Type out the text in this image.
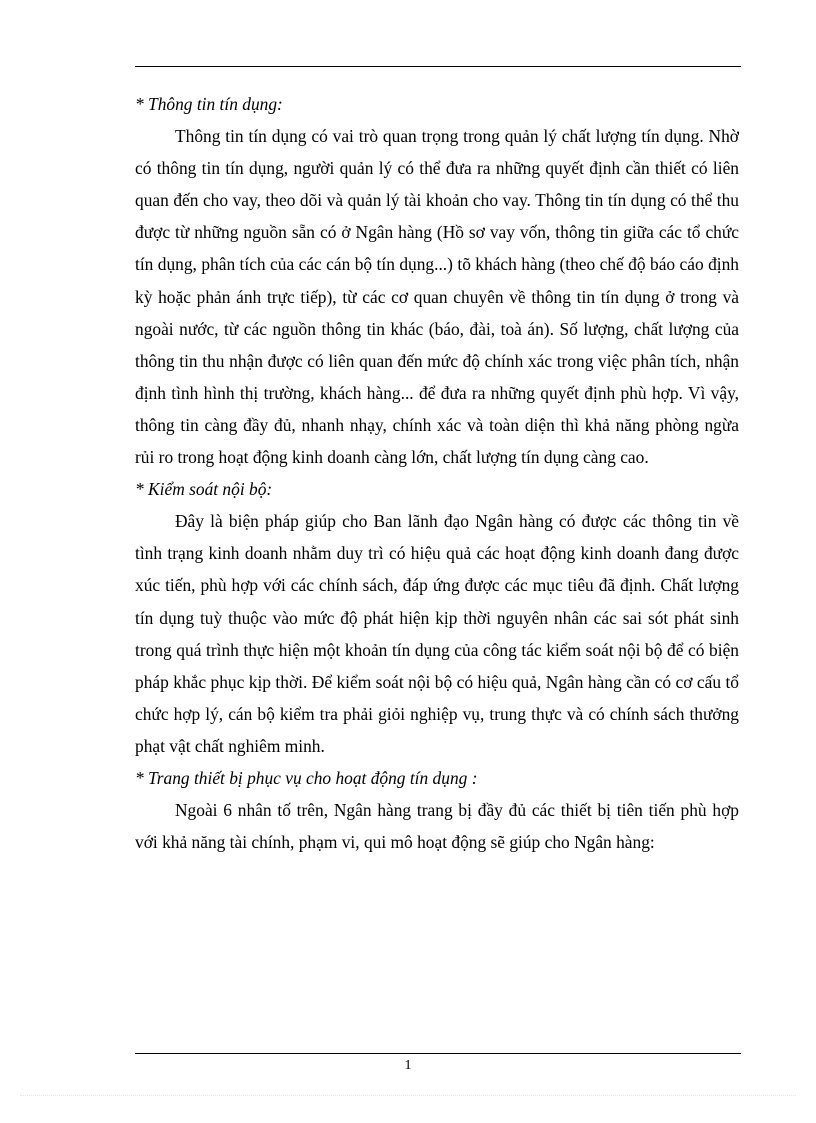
* Thông tin tín dụng:

Thông tin tín dụng có vai trò quan trọng trong quản lý chất lượng tín dụng. Nhờ có thông tin tín dụng, người quản lý có thể đưa ra những quyết định cần thiết có liên quan đến cho vay, theo dõi và quản lý tài khoản cho vay. Thông tin tín dụng có thể thu được từ những nguồn sẵn có ở Ngân hàng (Hồ sơ vay vốn, thông tin giữa các tổ chức tín dụng, phân tích của các cán bộ tín dụng...) tõ khách hàng (theo chế độ báo cáo định kỳ hoặc phản ánh trực tiếp), từ các cơ quan chuyên về thông tin tín dụng ở trong và ngoài nước, từ các nguồn thông tin khác (báo, đài, toà án). Số lượng, chất lượng của thông tin thu nhận được có liên quan đến mức độ chính xác trong việc phân tích, nhận định tình hình thị trường, khách hàng... để đưa ra những quyết định phù hợp. Vì vậy, thông tin càng đầy đủ, nhanh nhạy, chính xác và toàn diện thì khả năng phòng ngừa rủi ro trong hoạt động kinh doanh càng lớn, chất lượng tín dụng càng cao.

* Kiểm soát nội bộ:

Đây là biện pháp giúp cho Ban lãnh đạo Ngân hàng có được các thông tin về tình trạng kinh doanh nhằm duy trì có hiệu quả các hoạt động kinh doanh đang được xúc tiến, phù hợp với các chính sách, đáp ứng được các mục tiêu đã định. Chất lượng tín dụng tuỳ thuộc vào mức độ phát hiện kịp thời nguyên nhân các sai sót phát sinh trong quá trình thực hiện một khoản tín dụng của công tác kiểm soát nội bộ để có biện pháp khắc phục kịp thời. Để kiểm soát nội bộ có hiệu quả, Ngân hàng cần có cơ cấu tổ chức hợp lý, cán bộ kiểm tra phải giỏi nghiệp vụ, trung thực và có chính sách thưởng phạt vật chất nghiêm minh.

* Trang thiết bị phục vụ cho hoạt động tín dụng :

Ngoài 6 nhân tố trên, Ngân hàng trang bị đầy đủ các thiết bị tiên tiến phù hợp với khả năng tài chính, phạm vi, qui mô hoạt động sẽ giúp cho Ngân hàng:

1
